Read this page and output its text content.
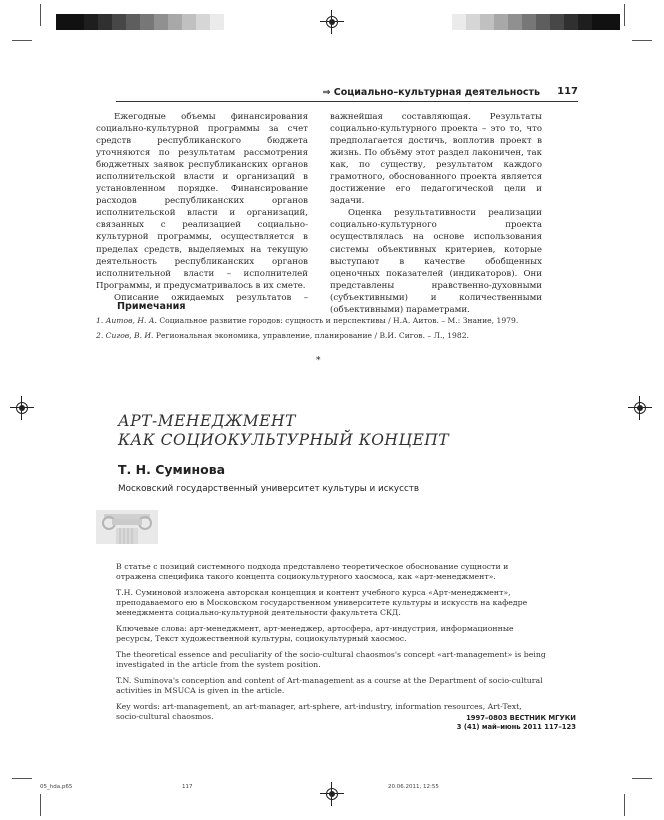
⇒ Социально–культурная деятельность 117

Ежегодные объемы финансирования социально-культурной программы за счет средств республиканского бюджета уточняются по результатам рассмотрения бюджетных заявок республиканских органов исполнительской власти и организаций в установленном порядке. Финансирование расходов республиканских органов исполнительской власти и организаций, связанных с реализацией социально-культурной программы, осуществляется в пределах средств, выделяемых на текущую деятельность республиканских органов исполнительной власти – исполнителей Программы, и предусматривалось в их смете.

Описание ожидаемых результатов –

важнейшая составляющая. Результаты социально-культурного проекта – это то, что предполагается достичь, воплотив проект в жизнь. По объёму этот раздел лаконичен, так как, по существу, результатом каждого грамотного, обоснованного проекта является достижение его педагогической цели и задачи.

Оценка результативности реализации социально-культурного проекта осуществлялась на основе использования системы объективных критериев, которые выступают в качестве обобщенных оценочных показателей (индикаторов). Они представлены нравственно-духовными (субъективными) и количественными (объективными) параметрами.

Примечания
1. Аитов, Н. А. Социальное развитие городов: сущность и перспективы / Н.А. Аитов. – М.: Знание, 1979.
2. Сигов, В. И. Региональная экономика, управление, планирование / В.И. Сигов. – Л., 1982.
*
АРТ-МЕНЕДЖМЕНТ
КАК СОЦИОКУЛЬТУРНЫЙ КОНЦЕПТ
Т. Н. Суминова
Московский государственный университет культуры и искусств

В статье с позиций системного подхода представлено теоретическое обоснование сущности и отражена специфика такого концепта социокультурного хаосмоса, как «арт-менеджмент».

Т.Н. Суминовой изложена авторская концепция и контент учебного курса «Арт-менеджмент», преподаваемого ею в Московском государственном университете культуры и искусств на кафедре менеджмента социально-культурной деятельности факультета СКД.

Ключевые слова: арт-менеджмент, арт-менеджер, артосфера, арт-индустрия, информационные ресурсы, Текст художественной культуры, социокультурный хаосмос.

The theoretical essence and peculiarity of the socio-cultural chaosmos's concept «art-management» is being investigated in the article from the system position.

T.N. Suminova's conception and content of Art-management as a course at the Department of socio-cultural activities in MSUCA is given in the article.

Key words: art-management, an art-manager, art-sphere, art-industry, information resources, Art-Text, socio-cultural chaosmos.	1997–0803 ВЕСТНИК МГУКИ
3 (41) май–июнь 2011 117–123
05_hda.p65	117	20.06.2011, 12:55
